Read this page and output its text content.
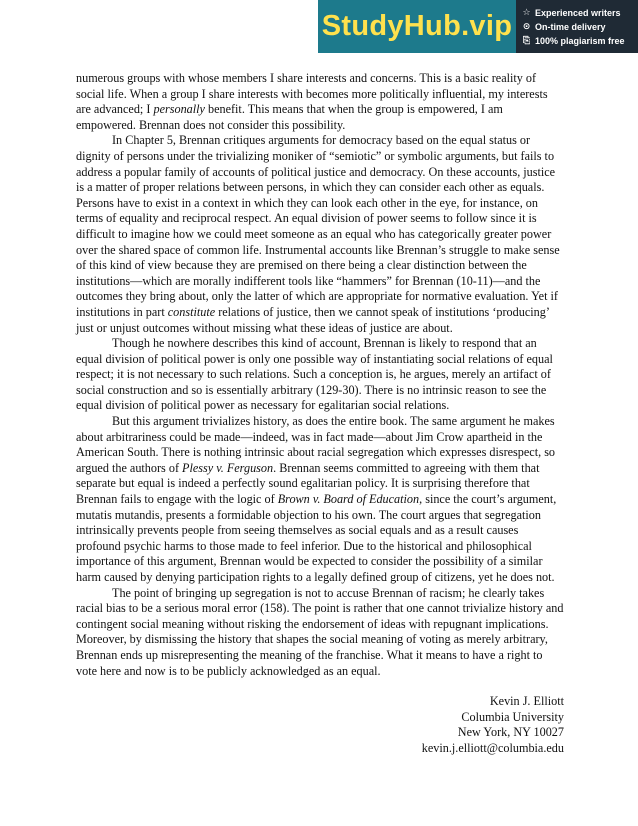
StudyHub.vip	☆ Experienced writers
⊙ On-time delivery
⎘ 100% plagiarism free

numerous groups with whose members I share interests and concerns. This is a basic reality of social life. When a group I share interests with becomes more politically influential, my interests are advanced; I personally benefit. This means that when the group is empowered, I am empowered. Brennan does not consider this possibility.

In Chapter 5, Brennan critiques arguments for democracy based on the equal status or dignity of persons under the trivializing moniker of “semiotic” or symbolic arguments, but fails to address a popular family of accounts of political justice and democracy. On these accounts, justice is a matter of proper relations between persons, in which they can consider each other as equals. Persons have to exist in a context in which they can look each other in the eye, for instance, on terms of equality and reciprocal respect. An equal division of power seems to follow since it is difficult to imagine how we could meet someone as an equal who has categorically greater power over the shared space of common life. Instrumental accounts like Brennan’s struggle to make sense of this kind of view because they are premised on there being a clear distinction between the institutions—which are morally indifferent tools like “hammers” for Brennan (10-11)—and the outcomes they bring about, only the latter of which are appropriate for normative evaluation. Yet if institutions in part constitute relations of justice, then we cannot speak of institutions ‘producing’ just or unjust outcomes without missing what these ideas of justice are about.

Though he nowhere describes this kind of account, Brennan is likely to respond that an equal division of political power is only one possible way of instantiating social relations of equal respect; it is not necessary to such relations. Such a conception is, he argues, merely an artifact of social construction and so is essentially arbitrary (129-30). There is no intrinsic reason to see the equal division of political power as necessary for egalitarian social relations.

But this argument trivializes history, as does the entire book. The same argument he makes about arbitrariness could be made—indeed, was in fact made—about Jim Crow apartheid in the American South. There is nothing intrinsic about racial segregation which expresses disrespect, so argued the authors of Plessy v. Ferguson. Brennan seems committed to agreeing with them that separate but equal is indeed a perfectly sound egalitarian policy. It is surprising therefore that Brennan fails to engage with the logic of Brown v. Board of Education, since the court’s argument, mutatis mutandis, presents a formidable objection to his own. The court argues that segregation intrinsically prevents people from seeing themselves as social equals and as a result causes profound psychic harms to those made to feel inferior. Due to the historical and philosophical importance of this argument, Brennan would be expected to consider the possibility of a similar harm caused by denying participation rights to a legally defined group of citizens, yet he does not.

The point of bringing up segregation is not to accuse Brennan of racism; he clearly takes racial bias to be a serious moral error (158). The point is rather that one cannot trivialize history and contingent social meaning without risking the endorsement of ideas with repugnant implications. Moreover, by dismissing the history that shapes the social meaning of voting as merely arbitrary, Brennan ends up misrepresenting the meaning of the franchise. What it means to have a right to vote here and now is to be publicly acknowledged as an equal.

Kevin J. Elliott
Columbia University
New York, NY 10027
kevin.j.elliott@columbia.edu
